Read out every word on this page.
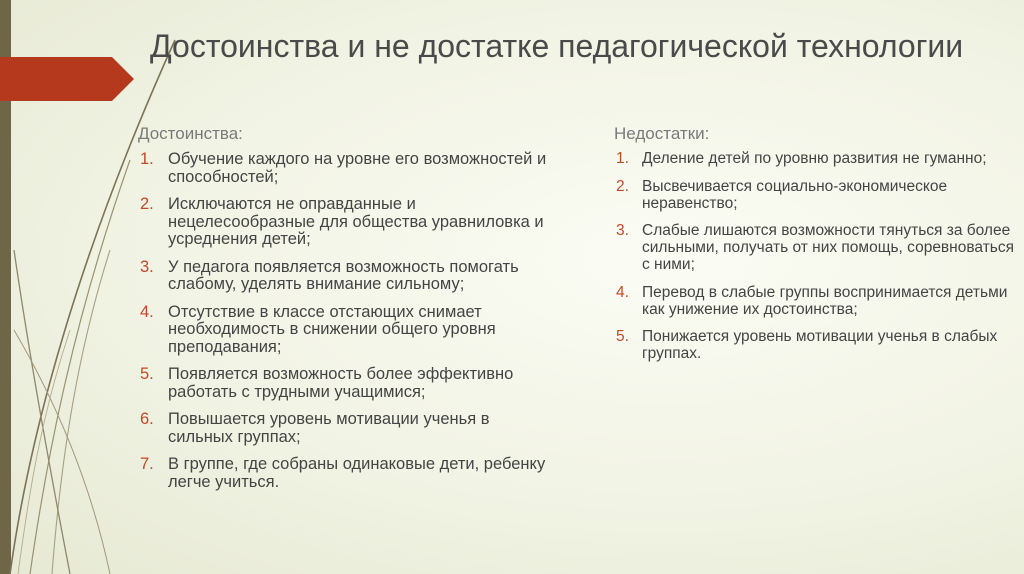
Достоинства и не достатке педагогической технологии

Достоинства:

1. Обучение каждого на уровне его возможностей и способностей;
2. Исключаются не оправданные и нецелесообразные для общества уравниловка и усреднения детей;
3. У педагога появляется возможность помогать слабому, уделять внимание сильному;
4. Отсутствие в классе отстающих снимает необходимость в снижении общего уровня преподавания;
5. Появляется возможность более эффективно работать с трудными учащимися;
6. Повышается уровень мотивации ученья в сильных группах;
7. В группе, где собраны одинаковые дети, ребенку легче учиться.

Недостатки:

1. Деление детей по уровню развития не гуманно;
2. Высвечивается социально-экономическое неравенство;
3. Слабые лишаются возможности тянуться за более сильными, получать от них помощь, соревноваться с ними;
4. Перевод в слабые группы воспринимается детьми как унижение их достоинства;
5. Понижается уровень мотивации ученья в слабых группах.
